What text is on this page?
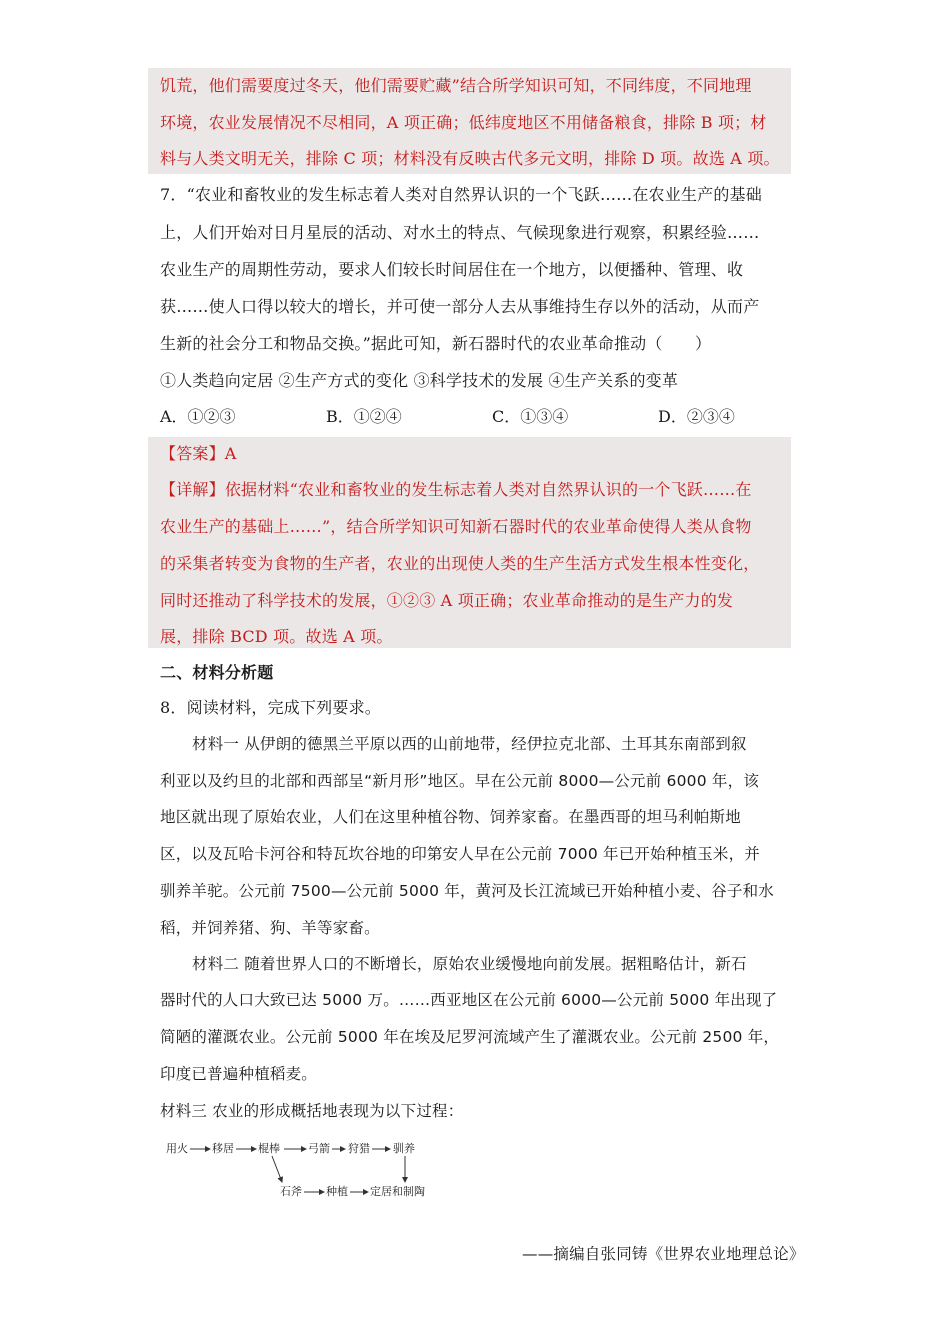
饥荒，他们需要度过冬天，他们需要贮藏”结合所学知识可知，不同纬度，不同地理
环境，农业发展情况不尽相同，A 项正确；低纬度地区不用储备粮食，排除 B 项；材
料与人类文明无关，排除 C 项；材料没有反映古代多元文明，排除 D 项。故选 A 项。
7．“农业和畜牧业的发生标志着人类对自然界认识的一个飞跃……在农业生产的基础
上，人们开始对日月星辰的活动、对水土的特点、气候现象进行观察，积累经验……
农业生产的周期性劳动，要求人们较长时间居住在一个地方，以便播种、管理、收
获……使人口得以较大的增长，并可使一部分人去从事维持生存以外的活动，从而产
生新的社会分工和物品交换。”据此可知，新石器时代的农业革命推动（　　）
①人类趋向定居 ②生产方式的变化 ③科学技术的发展 ④生产关系的变革
A．①②③	B．①②④	C．①③④	D．②③④
【答案】A
【详解】依据材料“农业和畜牧业的发生标志着人类对自然界认识的一个飞跃……在
农业生产的基础上……”，结合所学知识可知新石器时代的农业革命使得人类从食物
的采集者转变为食物的生产者，农业的出现使人类的生产生活方式发生根本性变化，
同时还推动了科学技术的发展，①②③ A 项正确；农业革命推动的是生产力的发
展，排除 BCD 项。故选 A 项。
二、材料分析题
8．阅读材料，完成下列要求。
材料一 从伊朗的德黑兰平原以西的山前地带，经伊拉克北部、土耳其东南部到叙
利亚以及约旦的北部和西部呈“新月形”地区。早在公元前 8000—公元前 6000 年，该
地区就出现了原始农业，人们在这里种植谷物、饲养家畜。在墨西哥的坦马利帕斯地
区，以及瓦哈卡河谷和特瓦坎谷地的印第安人早在公元前 7000 年已开始种植玉米，并
驯养羊驼。公元前 7500—公元前 5000 年，黄河及长江流域已开始种植小麦、谷子和水
稻，并饲养猪、狗、羊等家畜。
材料二 随着世界人口的不断增长，原始农业缓慢地向前发展。据粗略估计，新石
器时代的人口大致已达 5000 万。……西亚地区在公元前 6000—公元前 5000 年出现了
简陋的灌溉农业。公元前 5000 年在埃及尼罗河流域产生了灌溉农业。公元前 2500 年，
印度已普遍种植稻麦。
材料三 农业的形成概括地表现为以下过程：
用火 移居 棍棒	弓箭 狩猎 驯养
石斧 种植 定居和制陶
——摘编自张同铸《世界农业地理总论》
